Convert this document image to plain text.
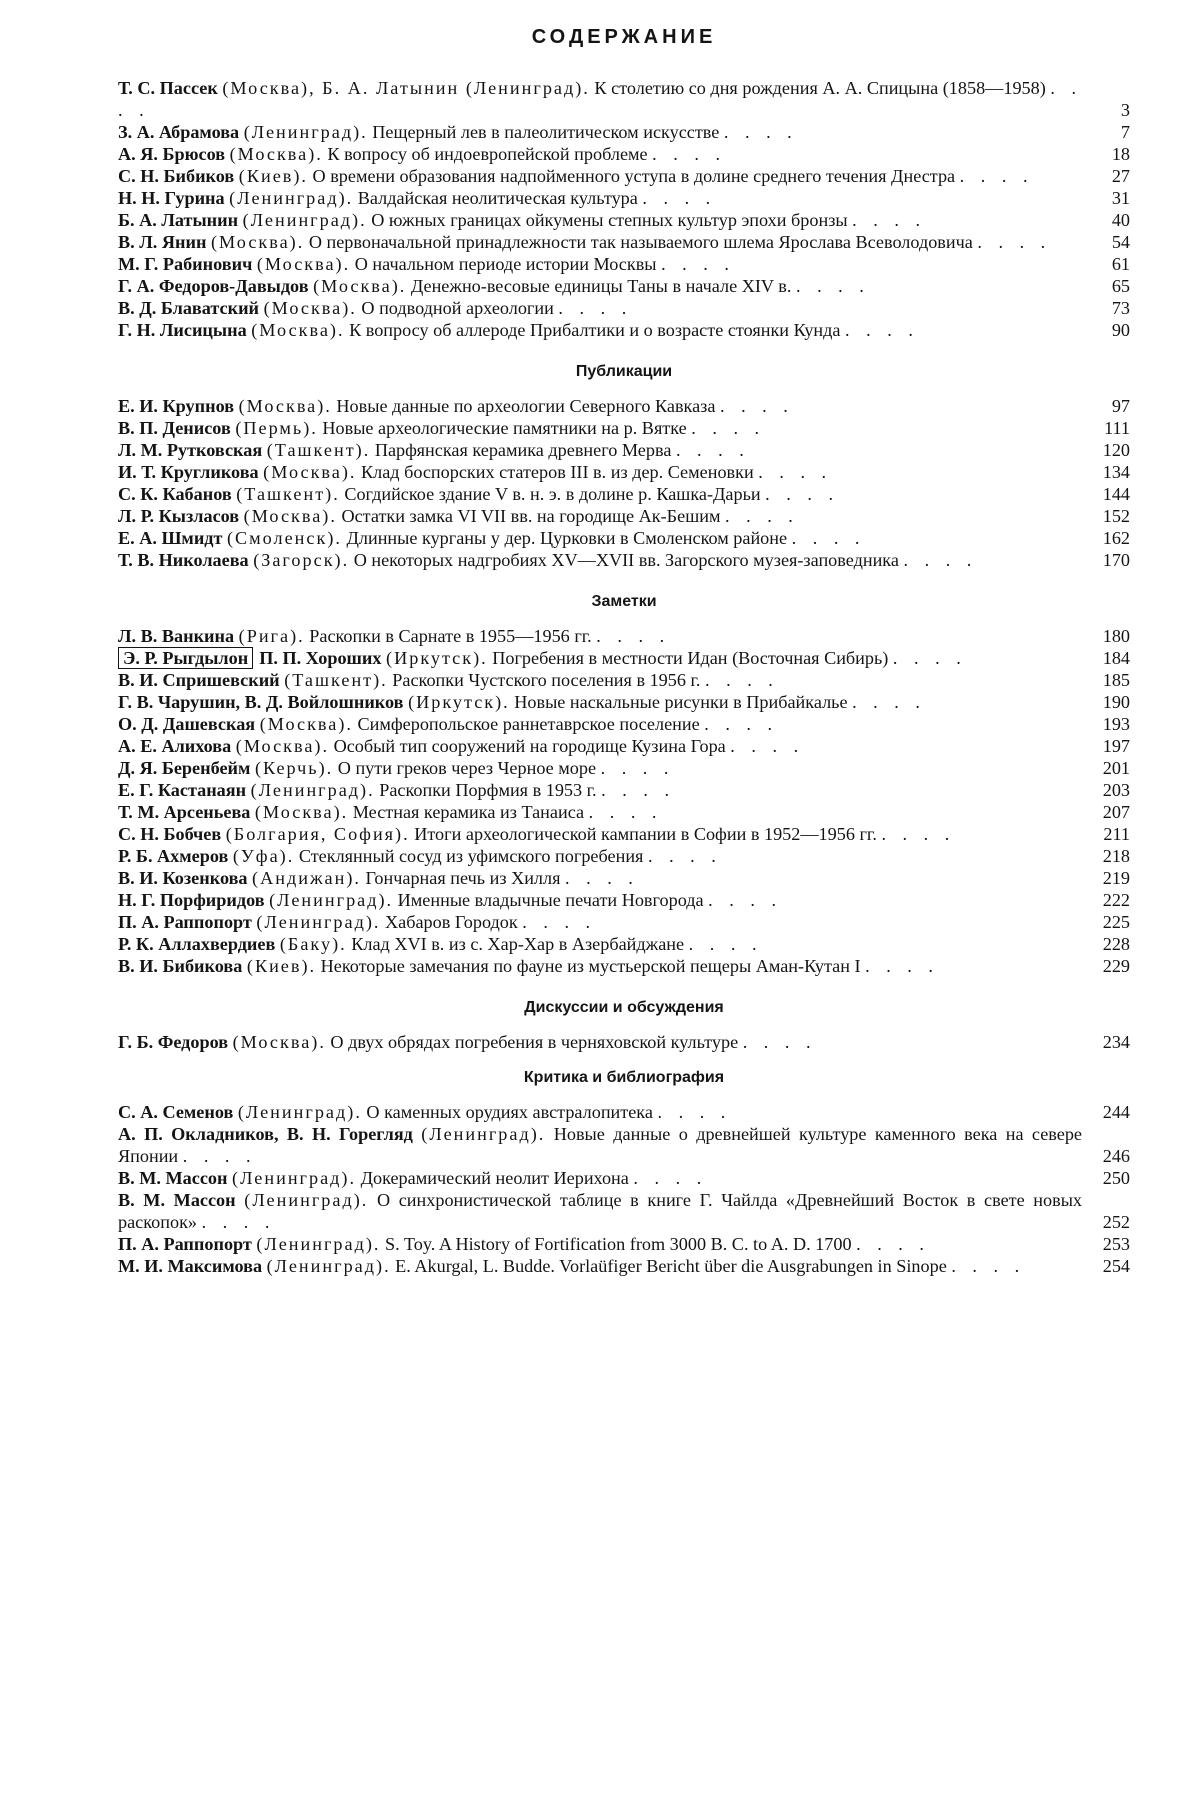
СОДЕРЖАНИЕ
Т. С. Пассек (Москва), Б. А. Латынин (Ленинград). К столетию со дня рождения А. А. Спицына (1858—1958) . . . .	3
З. А. Абрамова (Ленинград). Пещерный лев в палеолитическом искусстве . . . .	7
А. Я. Брюсов (Москва). К вопросу об индоевропейской проблеме . . . .	18
С. Н. Бибиков (Киев). О времени образования надпойменного уступа в долине среднего течения Днестра . . . .	27
Н. Н. Гурина (Ленинград). Валдайская неолитическая культура . . . .	31
Б. А. Латынин (Ленинград). О южных границах ойкумены степных культур эпохи бронзы . . . .	40
В. Л. Янин (Москва). О первоначальной принадлежности так называемого шлема Ярослава Всеволодовича . . . .	54
М. Г. Рабинович (Москва). О начальном периоде истории Москвы . . . .	61
Г. А. Федоров-Давыдов (Москва). Денежно-весовые единицы Таны в начале XIV в. . . . .	65
В. Д. Блаватский (Москва). О подводной археологии . . . .	73
Г. Н. Лисицына (Москва). К вопросу об аллероде Прибалтики и о возрасте стоянки Кунда . . . .	90
Публикации
Е. И. Крупнов (Москва). Новые данные по археологии Северного Кавказа . . . .	97
В. П. Денисов (Пермь). Новые археологические памятники на р. Вятке . . . .	111
Л. М. Рутковская (Ташкент). Парфянская керамика древнего Мерва . . . .	120
И. Т. Кругликова (Москва). Клад боспорских статеров III в. из дер. Семеновки . . . .	134
С. К. Кабанов (Ташкент). Согдийское здание V в. н. э. в долине р. Кашка-Дарьи . . . .	144
Л. Р. Кызласов (Москва). Остатки замка VI VII вв. на городище Ак-Бешим . . . .	152
Е. А. Шмидт (Смоленск). Длинные курганы у дер. Цурковки в Смоленском районе . . . .	162
Т. В. Николаева (Загорск). О некоторых надгробиях XV—XVII вв. Загорского музея-заповедника . . . .	170
Заметки
Л. В. Ванкина (Рига). Раскопки в Сарнате в 1955—1956 гг. . . . .	180
Э. Р. Рыгдылон П. П. Хороших (Иркутск). Погребения в местности Идан (Восточная Сибирь) . . . .	184
В. И. Спришевский (Ташкент). Раскопки Чустского поселения в 1956 г. . . . .	185
Г. В. Чарушин, В. Д. Войлошников (Иркутск). Новые наскальные рисунки в Прибайкалье . . . .	190
О. Д. Дашевская (Москва). Симферопольское раннетаврское поселение . . . .	193
А. Е. Алихова (Москва). Особый тип сооружений на городище Кузина Гора . . . .	197
Д. Я. Беренбейм (Керчь). О пути греков через Черное море . . . .	201
Е. Г. Кастанаян (Ленинград). Раскопки Порфмия в 1953 г. . . . .	203
Т. М. Арсеньева (Москва). Местная керамика из Танаиса . . . .	207
С. Н. Бобчев (Болгария, София). Итоги археологической кампании в Софии в 1952—1956 гг. . . . .	211
Р. Б. Ахмеров (Уфа). Стеклянный сосуд из уфимского погребения . . . .	218
В. И. Козенкова (Андижан). Гончарная печь из Хилля . . . .	219
Н. Г. Порфиридов (Ленинград). Именные владычные печати Новгорода . . . .	222
П. А. Раппопорт (Ленинград). Хабаров Городок . . . .	225
Р. К. Аллахвердиев (Баку). Клад XVI в. из с. Хар-Хар в Азербайджане . . . .	228
В. И. Бибикова (Киев). Некоторые замечания по фауне из мустьерской пещеры Аман-Кутан I . . . .	229
Дискуссии и обсуждения
Г. Б. Федоров (Москва). О двух обрядах погребения в черняховской культуре . . . .	234
Критика и библиография
С. А. Семенов (Ленинград). О каменных орудиях австралопитека . . . .	244
А. П. Окладников, В. Н. Горегляд (Ленинград). Новые данные о древнейшей культуре каменного века на севере Японии . . . .	246
В. М. Массон (Ленинград). Докерамический неолит Иерихона . . . .	250
В. М. Массон (Ленинград). О синхронистической таблице в книге Г. Чайлда «Древнейший Восток в свете новых раскопок» . . . .	252
П. А. Раппопорт (Ленинград). S. Toy. A History of Fortification from 3000 B. C. to A. D. 1700 . . . .	253
М. И. Максимова (Ленинград). E. Akurgal, L. Budde. Vorlaüfiger Bericht über die Ausgrabungen in Sinope . . . .	254
